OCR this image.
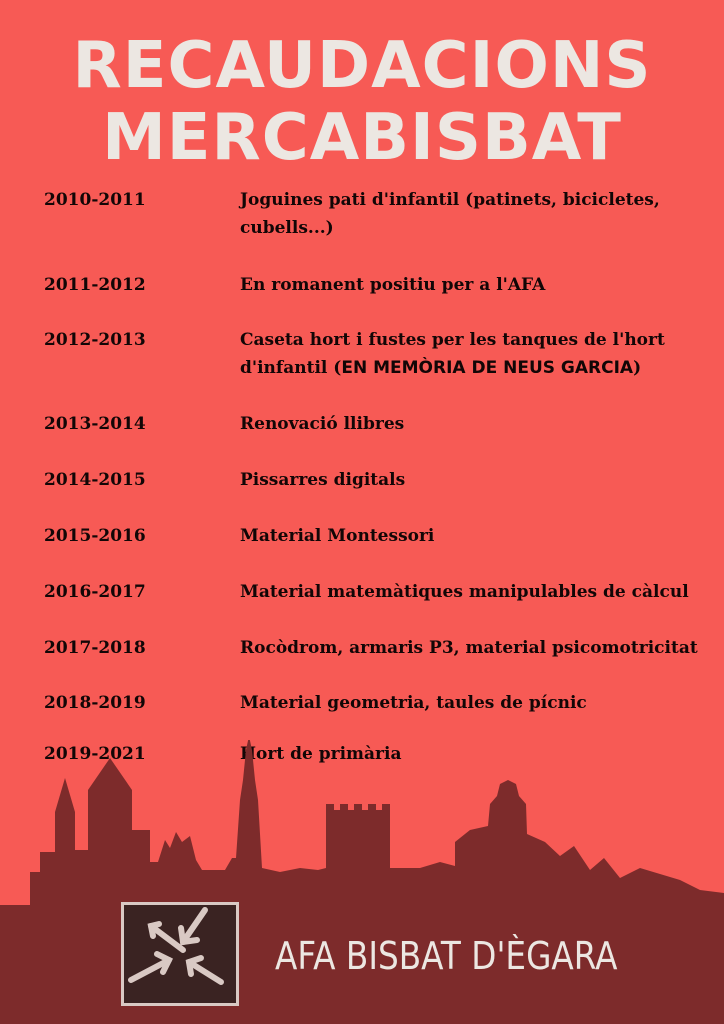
RECAUDACIONS
MERCABISBAT
2010-2011	Joguines pati d'infantil (patinets, bicicletes,
cubells...)
2011-2012	En romanent positiu per a l'AFA
2012-2013	Caseta hort i fustes per les tanques de l'hort
d'infantil (EN MEMÒRIA DE NEUS GARCIA)
2013-2014	Renovació llibres
2014-2015	Pissarres digitals
2015-2016	Material Montessori
2016-2017	Material matemàtiques manipulables de càlcul
2017-2018	Rocòdrom, armaris P3, material psicomotricitat
2018-2019	Material geometria, taules de pícnic
2019-2021	Hort de primària
AFA BISBAT D'ÈGARA
